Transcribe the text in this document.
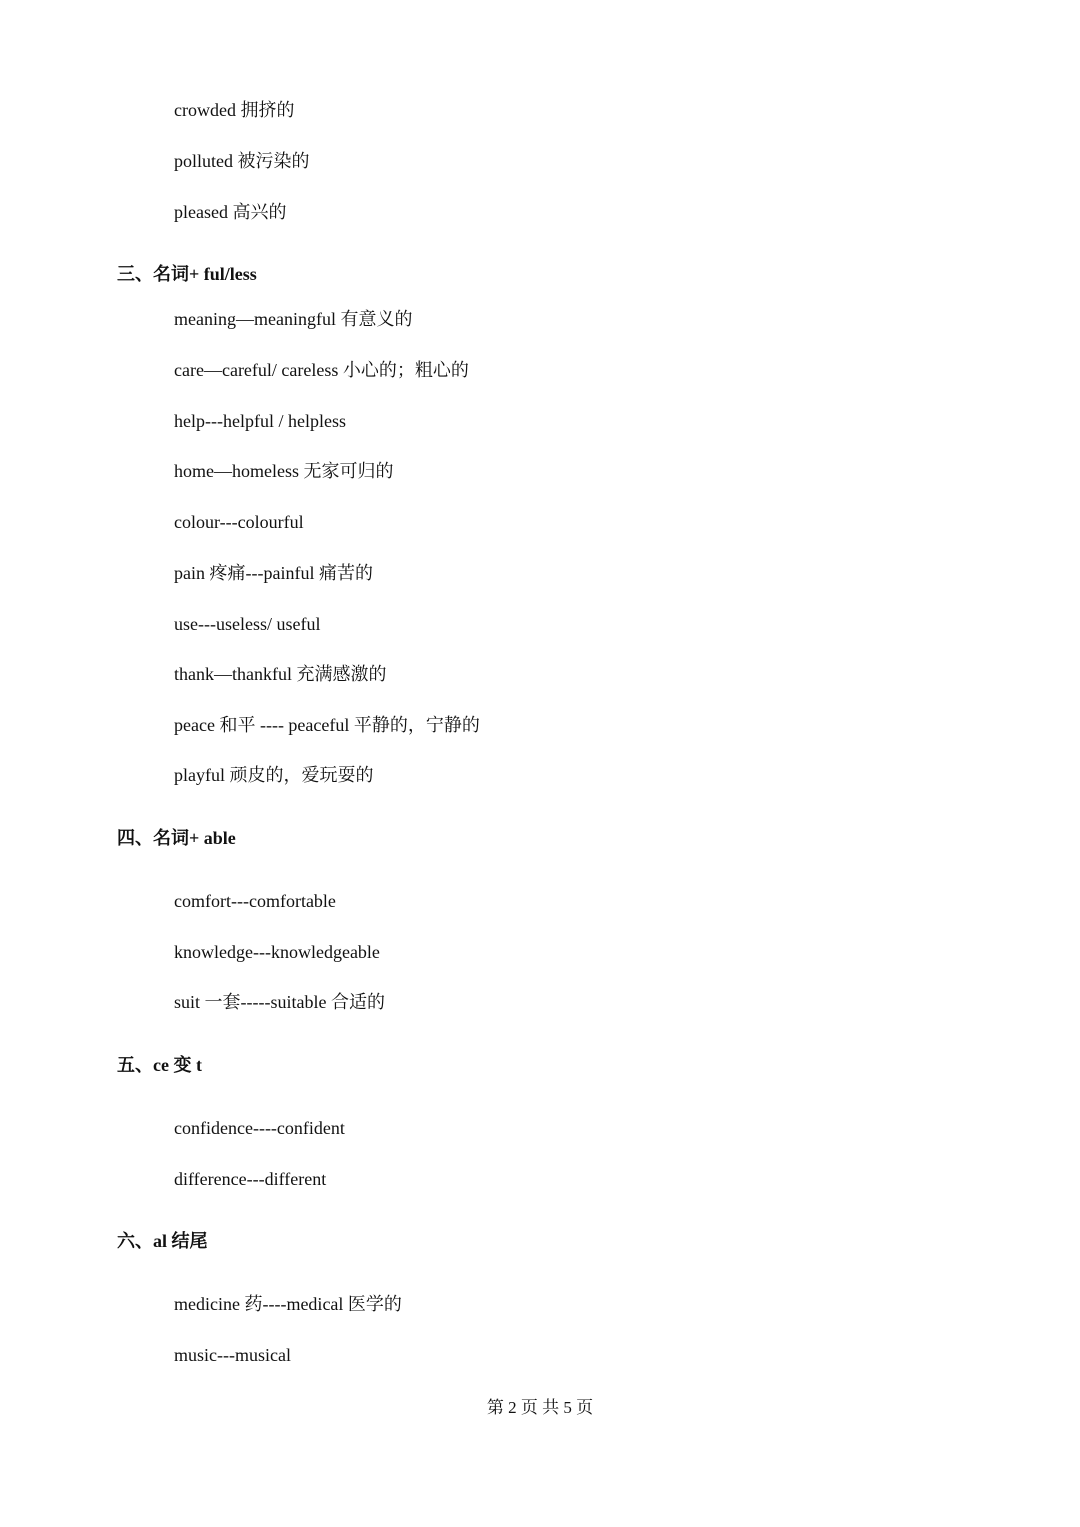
crowded 拥挤的
polluted 被污染的
pleased 高兴的
三、名词+ ful/less
meaning—meaningful 有意义的
care—careful/ careless 小心的；粗心的
help---helpful / helpless
home—homeless 无家可归的
colour---colourful
pain 疼痛---painful 痛苦的
use---useless/ useful
thank—thankful 充满感激的
peace 和平 ---- peaceful 平静的，宁静的
playful 顽皮的，爱玩耍的
四、名词+ able
comfort---comfortable
knowledge---knowledgeable
suit 一套-----suitable 合适的
五、ce 变 t
confidence----confident
difference---different
六、al 结尾
medicine 药----medical 医学的
music---musical
第 2 页 共 5 页
